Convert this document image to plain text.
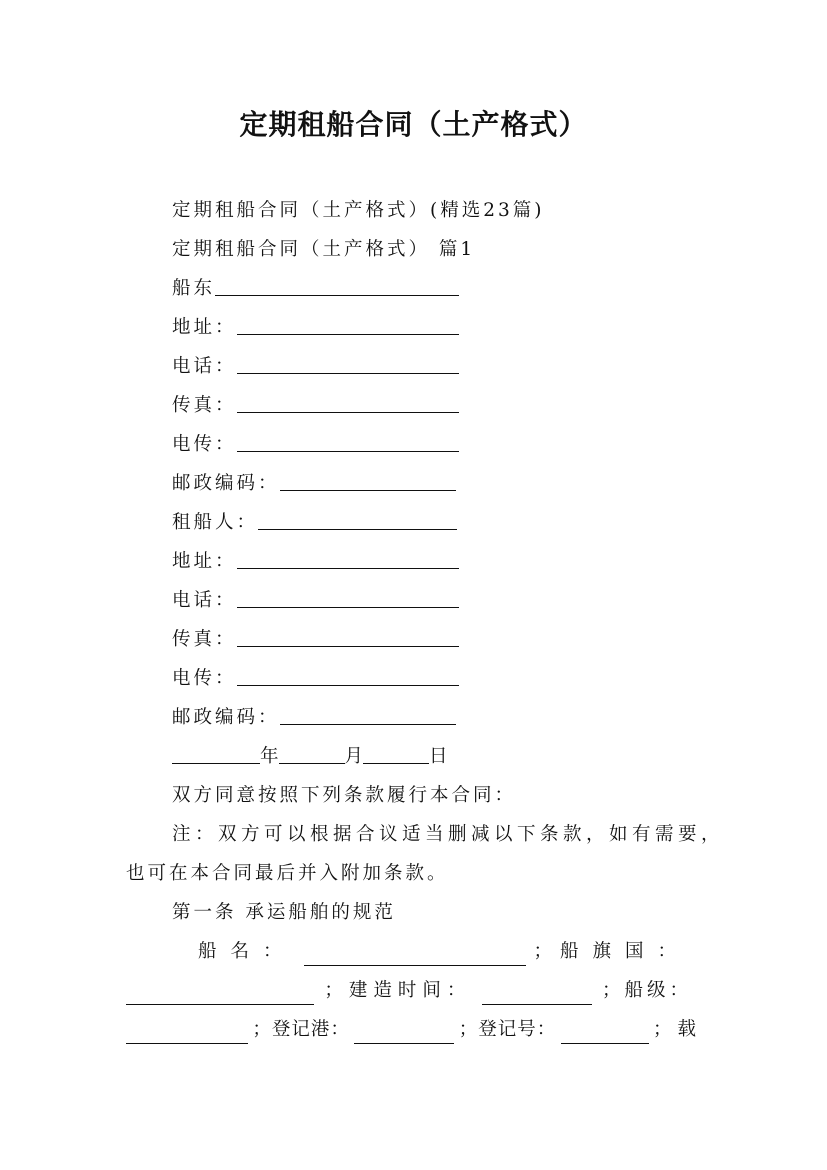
定期租船合同（土产格式）
定期租船合同（土产格式）(精选23篇)
定期租船合同（土产格式） 篇1
船东
地址：
电话：
传真：
电传：
邮政编码：
租船人：
地址：
电话：
传真：
电传：
邮政编码：
年	月	日
双方同意按照下列条款履行本合同：
注：双方可以根据合议适当删减以下条款，如有需要，
也可在本合同最后并入附加条款。
第一条 承运船舶的规范
船名：	； 船旗国：
；建造时间：	；船级：
；登记港：	；登记号：	；载
